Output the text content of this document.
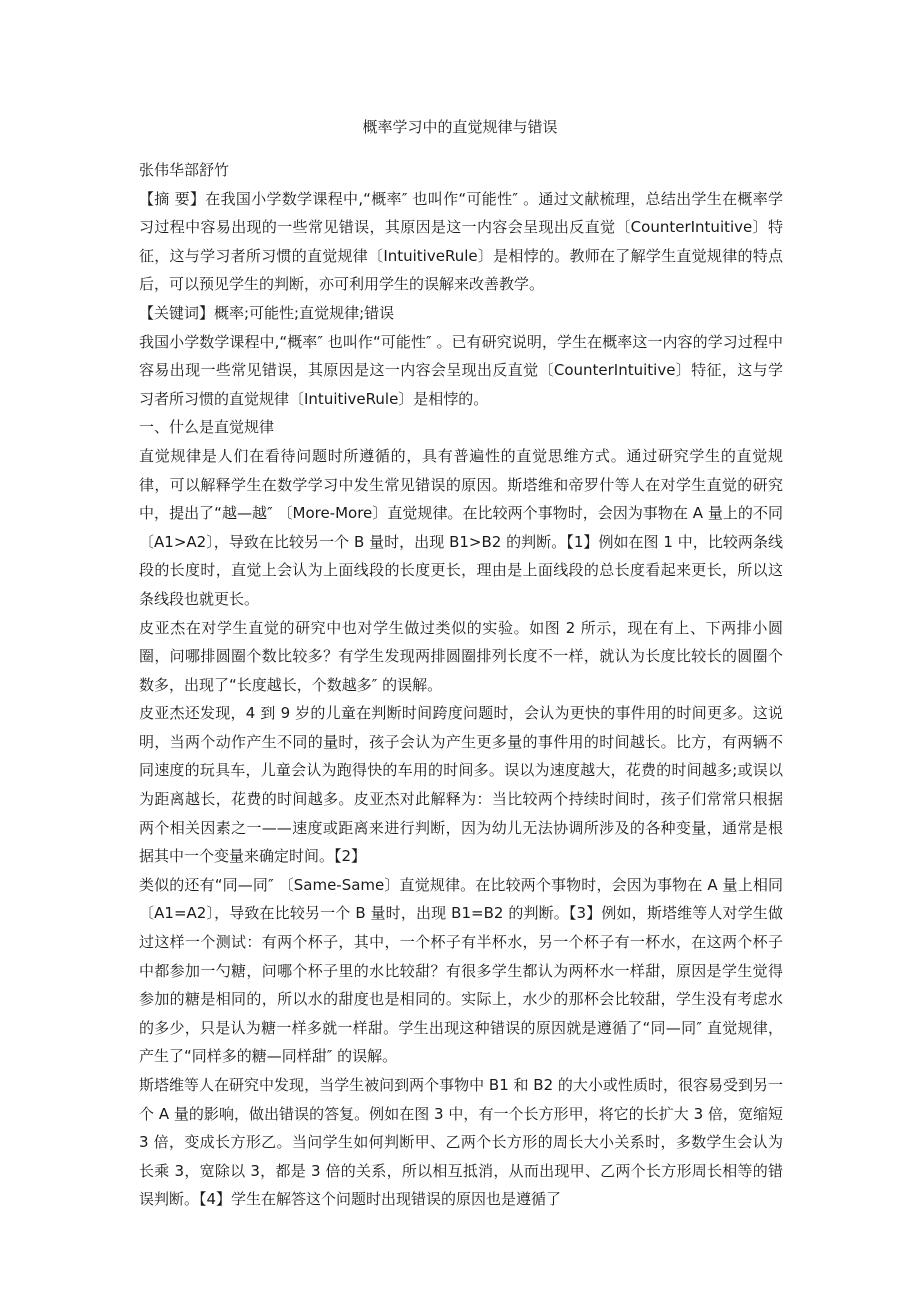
概率学习中的直觉规律与错误

张伟华部舒竹

【摘 要】在我国小学数学课程中,“概率″ 也叫作“可能性″ 。通过文献梳理，总结出学生在概率学习过程中容易出现的一些常见错误，其原因是这一内容会呈现出反直觉〔CounterIntuitive〕特征，这与学习者所习惯的直觉规律〔IntuitiveRule〕是相悖的。教师在了解学生直觉规律的特点后，可以预见学生的判断，亦可利用学生的误解来改善教学。

【关键词】概率;可能性;直觉规律;错误

我国小学数学课程中,“概率″ 也叫作“可能性″ 。已有研究说明，学生在概率这一内容的学习过程中容易出现一些常见错误，其原因是这一内容会呈现出反直觉〔CounterIntuitive〕特征，这与学习者所习惯的直觉规律〔IntuitiveRule〕是相悖的。

一、什么是直觉规律

直觉规律是人们在看待问题时所遵循的，具有普遍性的直觉思维方式。通过研究学生的直觉规律，可以解释学生在数学学习中发生常见错误的原因。斯塔维和帝罗什等人在对学生直觉的研究中，提出了“越—越″ 〔More-More〕直觉规律。在比较两个事物时，会因为事物在 A 量上的不同〔A1>A2〕，导致在比较另一个 B 量时，出现 B1>B2 的判断。【1】例如在图 1 中，比较两条线段的长度时，直觉上会认为上面线段的长度更长，理由是上面线段的总长度看起来更长，所以这条线段也就更长。

皮亚杰在对学生直觉的研究中也对学生做过类似的实验。如图 2 所示，现在有上、下两排小圆圈，问哪排圆圈个数比较多？有学生发现两排圆圈排列长度不一样，就认为长度比较长的圆圈个数多，出现了“长度越长，个数越多″ 的误解。

皮亚杰还发现，4 到 9 岁的儿童在判断时间跨度问题时，会认为更快的事件用的时间更多。这说明，当两个动作产生不同的量时，孩子会认为产生更多量的事件用的时间越长。比方，有两辆不同速度的玩具车，儿童会认为跑得快的车用的时间多。误以为速度越大，花费的时间越多;或误以为距离越长，花费的时间越多。皮亚杰对此解释为：当比较两个持续时间时，孩子们常常只根据两个相关因素之一——速度或距离来进行判断，因为幼儿无法协调所涉及的各种变量，通常是根据其中一个变量来确定时间。【2】

类似的还有“同—同″ 〔Same-Same〕直觉规律。在比较两个事物时，会因为事物在 A 量上相同〔A1=A2〕，导致在比较另一个 B 量时，出现 B1=B2 的判断。【3】例如，斯塔维等人对学生做过这样一个测试：有两个杯子，其中，一个杯子有半杯水，另一个杯子有一杯水，在这两个杯子中都参加一勺糖，问哪个杯子里的水比较甜？有很多学生都认为两杯水一样甜，原因是学生觉得参加的糖是相同的，所以水的甜度也是相同的。实际上，水少的那杯会比较甜，学生没有考虑水的多少，只是认为糖一样多就一样甜。学生出现这种错误的原因就是遵循了“同—同″ 直觉规律，产生了“同样多的糖—同样甜″ 的误解。

斯塔维等人在研究中发现，当学生被问到两个事物中 B1 和 B2 的大小或性质时，很容易受到另一个 A 量的影响，做出错误的答复。例如在图 3 中，有一个长方形甲，将它的长扩大 3 倍，宽缩短 3 倍，变成长方形乙。当问学生如何判断甲、乙两个长方形的周长大小关系时，多数学生会认为长乘 3，宽除以 3，都是 3 倍的关系，所以相互抵消，从而出现甲、乙两个长方形周长相等的错误判断。【4】学生在解答这个问题时出现错误的原因也是遵循了
